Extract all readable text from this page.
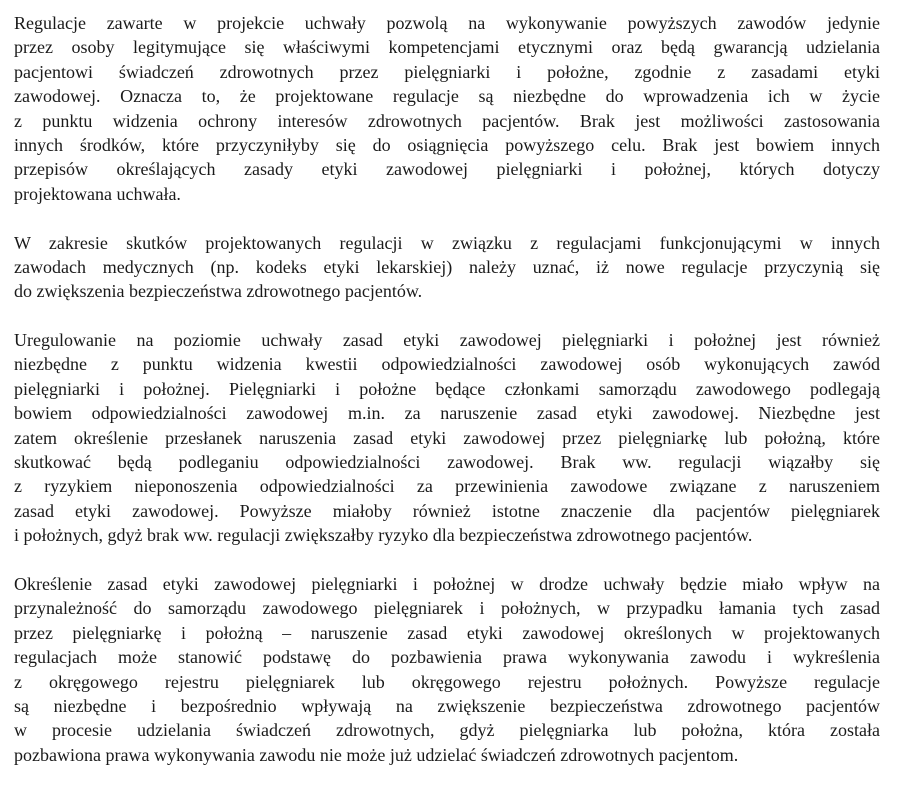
Regulacje zawarte w projekcie uchwały pozwolą na wykonywanie powyższych zawodów jedynie
przez osoby legitymujące się właściwymi kompetencjami etycznymi oraz będą gwarancją udzielania
pacjentowi świadczeń zdrowotnych przez pielęgniarki i położne, zgodnie z zasadami etyki
zawodowej. Oznacza to, że projektowane regulacje są niezbędne do wprowadzenia ich w życie
z punktu widzenia ochrony interesów zdrowotnych pacjentów. Brak jest możliwości zastosowania
innych środków, które przyczyniłyby się do osiągnięcia powyższego celu. Brak jest bowiem innych
przepisów określających zasady etyki zawodowej pielęgniarki i położnej, których dotyczy
projektowana uchwała.
W zakresie skutków projektowanych regulacji w związku z regulacjami funkcjonującymi w innych
zawodach medycznych (np. kodeks etyki lekarskiej) należy uznać, iż nowe regulacje przyczynią się
do zwiększenia bezpieczeństwa zdrowotnego pacjentów.
Uregulowanie na poziomie uchwały zasad etyki zawodowej pielęgniarki i położnej jest również
niezbędne z punktu widzenia kwestii odpowiedzialności zawodowej osób wykonujących zawód
pielęgniarki i położnej. Pielęgniarki i położne będące członkami samorządu zawodowego podlegają
bowiem odpowiedzialności zawodowej m.in. za naruszenie zasad etyki zawodowej. Niezbędne jest
zatem określenie przesłanek naruszenia zasad etyki zawodowej przez pielęgniarkę lub położną, które
skutkować będą podleganiu odpowiedzialności zawodowej. Brak ww. regulacji wiązałby się
z ryzykiem nieponoszenia odpowiedzialności za przewinienia zawodowe związane z naruszeniem
zasad etyki zawodowej. Powyższe miałoby również istotne znaczenie dla pacjentów pielęgniarek
i położnych, gdyż brak ww. regulacji zwiększałby ryzyko dla bezpieczeństwa zdrowotnego pacjentów.
Określenie zasad etyki zawodowej pielęgniarki i położnej w drodze uchwały będzie miało wpływ na
przynależność do samorządu zawodowego pielęgniarek i położnych, w przypadku łamania tych zasad
przez pielęgniarkę i położną – naruszenie zasad etyki zawodowej określonych w projektowanych
regulacjach może stanowić podstawę do pozbawienia prawa wykonywania zawodu i wykreślenia
z okręgowego rejestru pielęgniarek lub okręgowego rejestru położnych. Powyższe regulacje
są niezbędne i bezpośrednio wpływają na zwiększenie bezpieczeństwa zdrowotnego pacjentów
w procesie udzielania świadczeń zdrowotnych, gdyż pielęgniarka lub położna, która została
pozbawiona prawa wykonywania zawodu nie może już udzielać świadczeń zdrowotnych pacjentom.
